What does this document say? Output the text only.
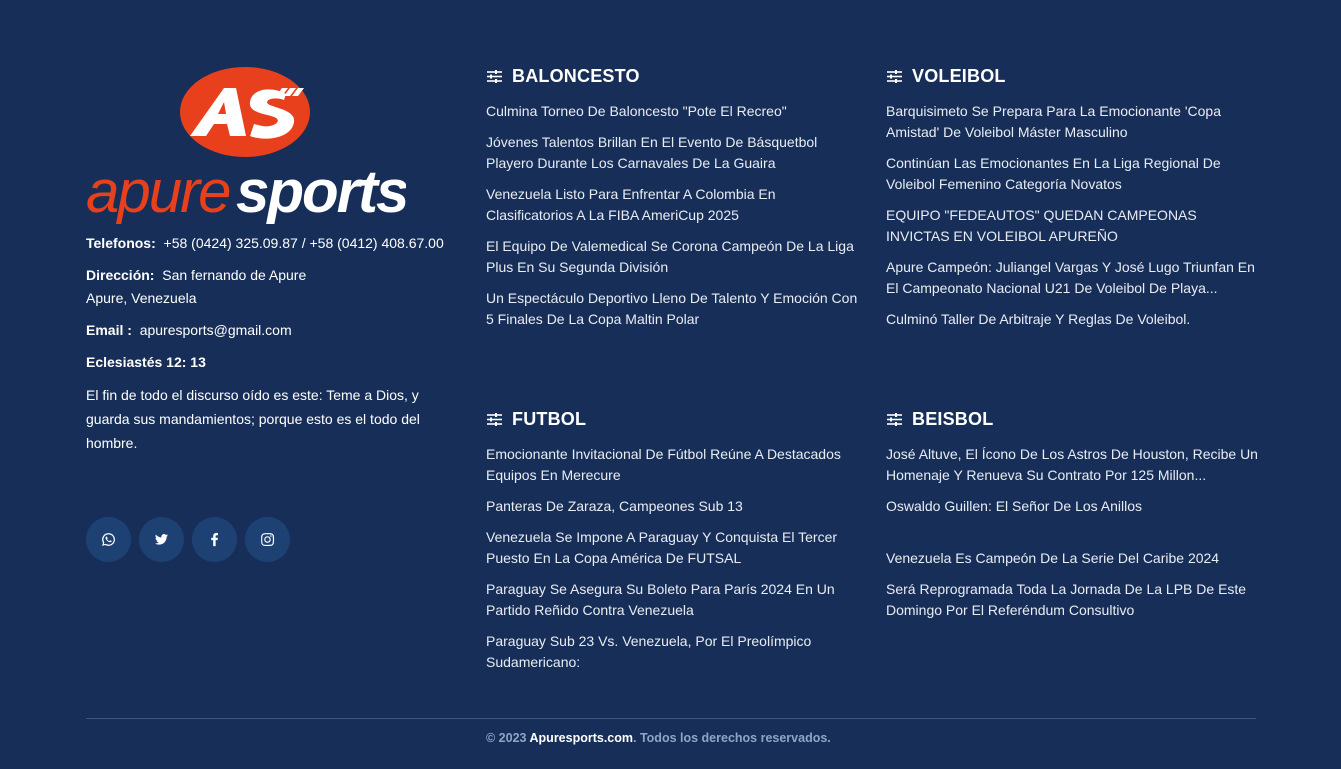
apure sports
Telefonos: +58 (0424) 325.09.87 / +58 (0412) 408.67.00
Dirección: San fernando de Apure
Apure, Venezuela
Email : apuresports@gmail.com
Eclesiastés 12: 13
El fin de todo el discurso oído es este: Teme a Dios, y guarda sus mandamientos; porque esto es el todo del hombre.
BALONCESTO
Culmina Torneo De Baloncesto "Pote El Recreo"
Jóvenes Talentos Brillan En El Evento De Básquetbol Playero Durante Los Carnavales De La Guaira
Venezuela Listo Para Enfrentar A Colombia En Clasificatorios A La FIBA AmeriCup 2025
El Equipo De Valemedical Se Corona Campeón De La Liga Plus En Su Segunda División
Un Espectáculo Deportivo Lleno De Talento Y Emoción Con 5 Finales De La Copa Maltin Polar
VOLEIBOL
Barquisimeto Se Prepara Para La Emocionante 'Copa Amistad' De Voleibol Máster Masculino
Continúan Las Emocionantes En La Liga Regional De Voleibol Femenino Categoría Novatos
EQUIPO "FEDEAUTOS" QUEDAN CAMPEONAS INVICTAS EN VOLEIBOL APUREÑO
Apure Campeón: Juliangel Vargas Y José Lugo Triunfan En El Campeonato Nacional U21 De Voleibol De Playa...
Culminó Taller De Arbitraje Y Reglas De Voleibol.
FUTBOL
Emocionante Invitacional De Fútbol Reúne A Destacados Equipos En Merecure
Panteras De Zaraza, Campeones Sub 13
Venezuela Se Impone A Paraguay Y Conquista El Tercer Puesto En La Copa América De FUTSAL
Paraguay Se Asegura Su Boleto Para París 2024 En Un Partido Reñido Contra Venezuela
Paraguay Sub 23 Vs. Venezuela, Por El Preolímpico Sudamericano:
BEISBOL
José Altuve, El Ícono De Los Astros De Houston, Recibe Un Homenaje Y Renueva Su Contrato Por 125 Millon...
Oswaldo Guillen: El Señor De Los Anillos
Venezuela Es Campeón De La Serie Del Caribe 2024
Será Reprogramada Toda La Jornada De La LPB De Este Domingo Por El Referéndum Consultivo
© 2023 Apuresports.com. Todos los derechos reservados.
